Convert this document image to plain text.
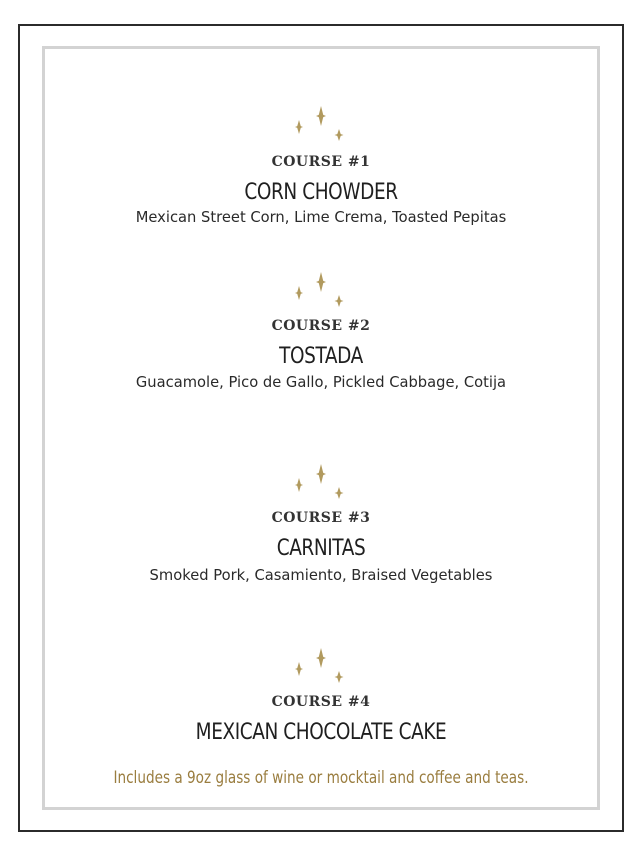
COURSE #1
CORN CHOWDER
Mexican Street Corn, Lime Crema, Toasted Pepitas
COURSE #2
TOSTADA
Guacamole, Pico de Gallo, Pickled Cabbage, Cotija
COURSE #3
CARNITAS
Smoked Pork, Casamiento, Braised Vegetables
COURSE #4
MEXICAN CHOCOLATE CAKE
Includes a 9oz glass of wine or mocktail and coffee and teas.
